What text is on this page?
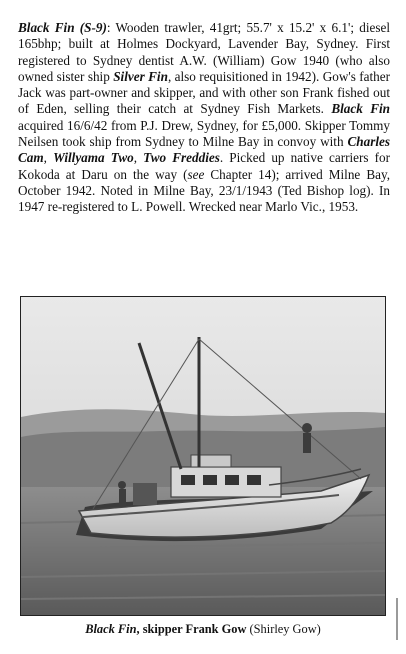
Black Fin (S-9): Wooden trawler, 41grt; 55.7' x 15.2' x 6.1'; diesel 165bhp; built at Holmes Dockyard, Lavender Bay, Sydney. First registered to Sydney dentist A.W. (William) Gow 1940 (who also owned sister ship Silver Fin, also requisitioned in 1942). Gow's father Jack was part-owner and skipper, and with other son Frank fished out of Eden, selling their catch at Sydney Fish Markets. Black Fin acquired 16/6/42 from P.J. Drew, Sydney, for £5,000. Skipper Tommy Neilsen took ship from Sydney to Milne Bay in convoy with Charles Cam, Willyama Two, Two Freddies. Picked up native carriers for Kokoda at Daru on the way (see Chapter 14); arrived Milne Bay, October 1942. Noted in Milne Bay, 23/1/1943 (Ted Bishop log). In 1947 re-registered to L. Powell. Wrecked near Marlo Vic., 1953.
Black Fin, skipper Frank Gow (Shirley Gow)
